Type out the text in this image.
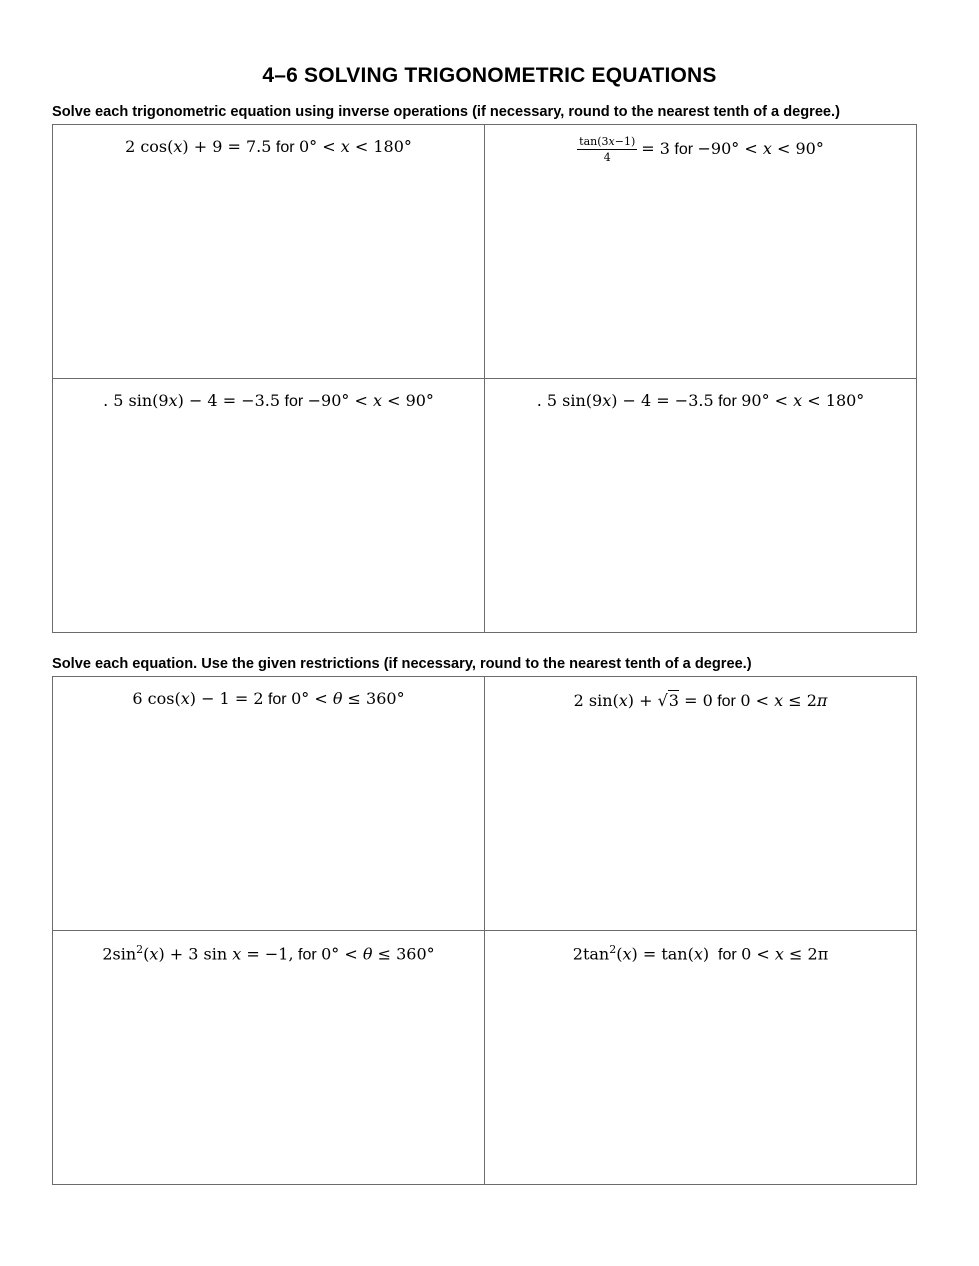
4–6 SOLVING TRIGONOMETRIC EQUATIONS
Solve each trigonometric equation using inverse operations (if necessary, round to the nearest tenth of a degree.)
2 cos(x) + 9 = 7.5 for 0° < x < 180°	$\frac{\tan(3x-1)}{4} = 3$ for −90° < x < 90°

. 5 sin(9x) − 4 = −3.5 for −90° < x < 90°	. 5 sin(9x) − 4 = −3.5 for 90° < x < 180°
Solve each equation. Use the given restrictions (if necessary, round to the nearest tenth of a degree.)
6 cos(x) − 1 = 2 for 0° < θ ≤ 360°	2 sin(x) + √3 = 0 for 0 < x ≤ 2π

$2\sin^2(x) + 3$ sin x = −1, for 0° < θ ≤ 360°	$2\tan^2(x) = \tan(x)$  for 0 < x ≤ 2π
